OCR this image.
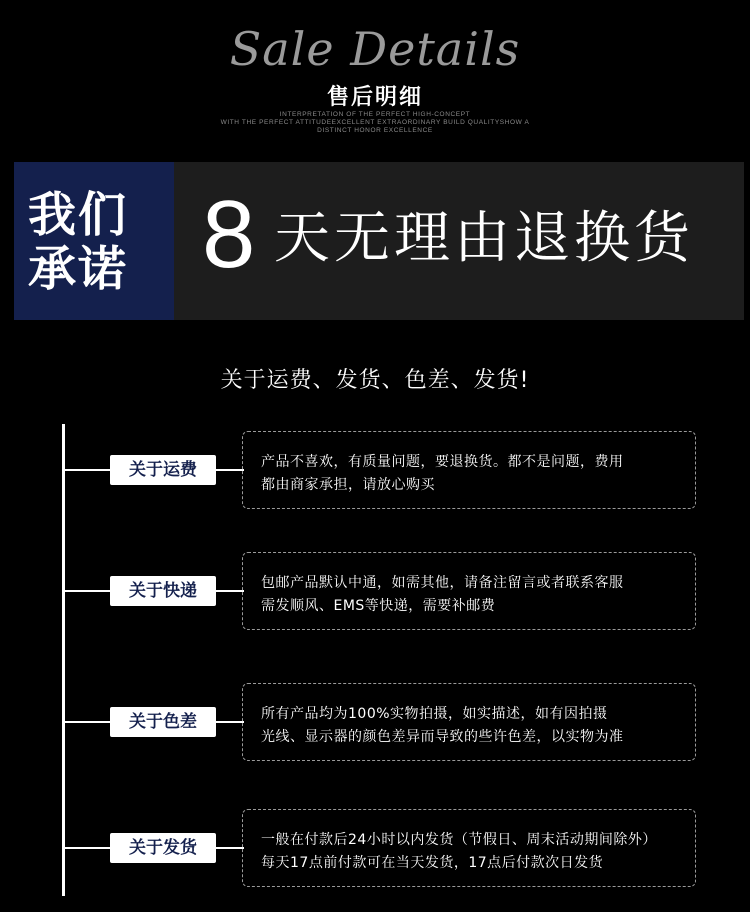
Sale Details
售后明细
INTERPRETATION OF THE PERFECT HIGH-CONCEPT
WITH THE PERFECT ATTITUDEEXCELLENT EXTRAORDINARY BUILD QUALITYSHOW A
DISTINCT HONOR EXCELLENCE
我们
承诺 8 天无理由退换货
关于运费、发货、色差、发货!
关于运费	产品不喜欢，有质量问题，要退换货。都不是问题，费用
都由商家承担，请放心购买
关于快递	包邮产品默认中通，如需其他，请备注留言或者联系客服
需发顺风、EMS等快递，需要补邮费
关于色差	所有产品均为100%实物拍摄，如实描述，如有因拍摄
光线、显示器的颜色差异而导致的些许色差，以实物为准
关于发货	一般在付款后24小时以内发货（节假日、周末活动期间除外）
每天17点前付款可在当天发货，17点后付款次日发货
